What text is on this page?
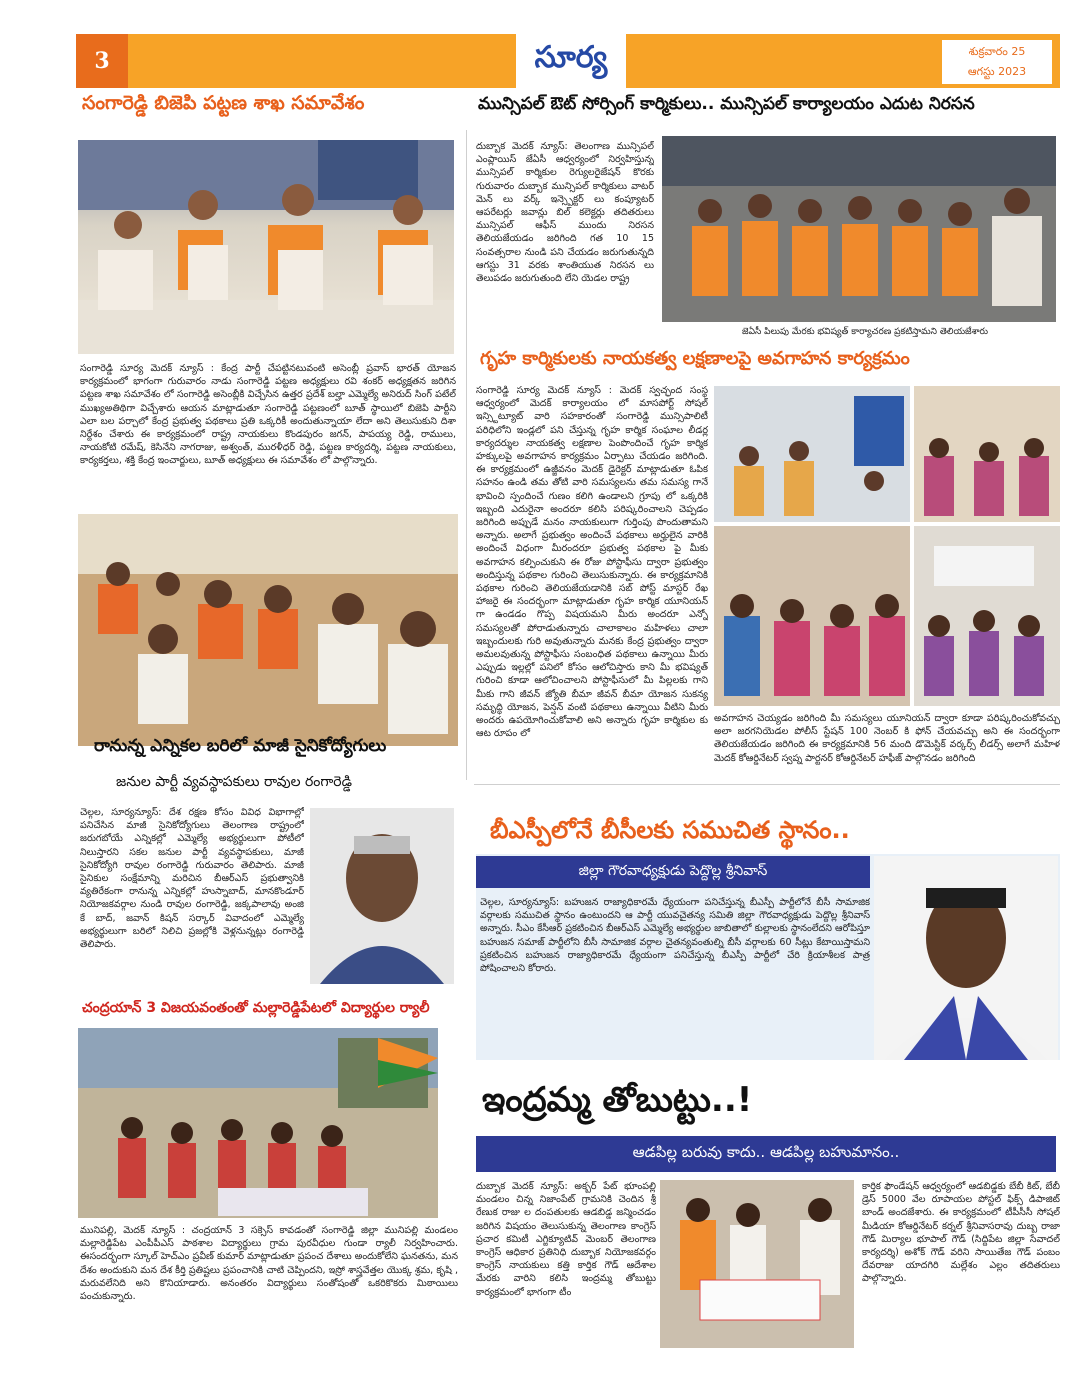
3	సూర్య	శుక్రవారం 25
ఆగస్టు 2023
సంగారెడ్డి బిజెపి పట్టణ శాఖ సమావేశం
సంగారెడ్డి సూర్య మెదక్ న్యూస్ : కేంద్ర పార్టీ చేపట్టినటువంటి అసెంబ్లీ ప్రవాస్ భారత్ యోజన కార్యక్రమంలో భాగంగా గురువారం నాడు సంగారెడ్డి పట్టణ అధ్యక్షులు రవి శంకర్ అధ్యక్షతన జరిగిన పట్టణ శాఖ సమావేశం లో సంగారెడ్డి అసెంబ్లీకి విచ్చేసిన ఉత్తర ప్రదేశ్ బల్హా ఎమ్మెల్యే అనిరుద్ సింగ్ పటేల్ ముఖ్యఅతిథిగా విచ్చేశారు ఆయన మాట్లాడుతూ సంగారెడ్డి పట్టణంలో బూత్ స్థాయిలో బిజెపి పార్టీని ఎలా బల పర్చాలో కేంద్ర ప్రభుత్వ పథకాలు ప్రతి ఒక్కరికీ అందుతున్నాయా లేదా అని తెలుసుకుని దిశా నిర్దేశం చేశారు ఈ కార్యక్రమంలో రాష్ట్ర నాయకులు కొండపురం జగన్, పాపయ్య రెడ్డి, రాములు, నాయకోటి రమేష్, కెసినేని నాగరాజు, అశ్వంత్, మురళీధర్ రెడ్డి, పట్టణ కార్యదర్శి, పట్టణ నాయకులు, కార్యకర్తలు, శక్తి కేంద్ర ఇంచార్జులు, బూత్ అధ్యక్షులు ఈ సమావేశం లో పాల్గొన్నారు.
మున్సిపల్ ఔట్ సోర్సింగ్ కార్మికులు.. మున్సిపల్ కార్యాలయం ఎదుట నిరసన
దుబ్బాక మెదక్ న్యూస్: తెలంగాణ మున్సిపల్ ఎంప్లాయిస్ జేఏసీ ఆధ్వర్యంలో నిర్వహిస్తున్న మున్సిపల్ కార్మికుల రెగ్యులరైజేషన్ కొరకు గురువారం దుబ్బాక మున్సిపల్ కార్మికులు వాటర్ మెన్ లు వర్క్ ఇన్స్పెక్టర్ లు కంప్యూటర్ ఆపరేటర్లు జవాన్లు బిల్ కలెక్టర్లు తదితరులు మున్సిపల్ ఆఫీస్ ముందు నిరసన తెలియజేయడం జరిగింది గత 10 15 సంవత్సరాల నుండి పని చేయడం జరుగుతున్నది ఆగస్టు 31 వరకు శాంతియుత నిరసన లు తెలుపడం జరుగుతుంది లేని యెడల రాష్ట్ర
జెఏసీ పిలుపు మేరకు భవిష్యత్ కార్యాచరణ ప్రకటిస్తామని తెలియజేశారు
గృహ కార్మికులకు నాయకత్వ లక్షణాలపై అవగాహన కార్యక్రమం
సంగారెడ్డి సూర్య మెదక్ న్యూస్ : మెదక్ స్వచ్ఛంద సంస్థ ఆధ్వర్యంలో మెదక్ కార్యాలయం లో మాసపోర్ట్ సోషల్ ఇన్స్టిట్యూట్ వారి సహకారంతో సంగారెడ్డి మున్సిపాలిటీ పరిధిలోని ఇండ్లలో పని చేస్తున్న గృహ కార్మిక సంఘాల లీడర్ల కార్యదర్శుల నాయకత్వ లక్షణాల పెంపొందించే గృహ కార్మిక హక్కులపై అవగాహన కార్యక్రమం ఏర్పాటు చేయడం జరిగింది. ఈ కార్యక్రమంలో ఉజ్జీవనం మెదక్ డైరెక్టర్ మాట్లాడుతూ ఓపిక సహనం ఉండి తమ తోటి వారి సమస్యలను తమ సమస్య గానే భావించి స్పందించే గుణం కలిగి ఉండాలని గ్రూపు లో ఒక్కరికి ఇబ్బంది ఎదురైనా అందరూ కలిసి పరిష్కరించాలని చెప్పడం జరిగింది అప్పుడే మనం నాయకులుగా గుర్తింపు పొందుతామని అన్నారు. అలాగే ప్రభుత్వం అందించే పథకాలు అర్హులైన వారికి అందించే విధంగా మీరందరూ ప్రభుత్వ పథకాల పై మీకు అవగాహన కల్పించుకుని ఈ రోజు పోస్టాఫీసు ద్వారా ప్రభుత్వం అందిస్తున్న పథకాల గురించి తెలుసుకున్నారు. ఈ కార్యక్రమానికి పథకాల గురించి తెలియజేయడానికి సబ్ పోస్ట్ మాస్టర్ రేఖ హాజరై ఈ సందర్భంగా మాట్లాడుతూ గృహ కార్మిక యూనియన్ గా ఉండడం గొప్ప విషయమని మీరు అందరూ ఎన్నో సమస్యలతో పోరాడుతున్నారు చాలాకాలం మహిళలు చాలా ఇబ్బందులకు గురి అవుతున్నారు మనకు కేంద్ర ప్రభుత్వం ద్వారా అమలవుతున్న పోస్టాఫీసు సంబంధిత పథకాలు ఉన్నాయి మీరు ఎప్పుడు ఇల్లల్లో పనిలో కోసం ఆలోచిస్తారు కాని మీ భవిష్యత్ గురించి కూడా ఆలోచించాలని పోస్టాఫీసులో మీ పిల్లలకు గాని మీకు గాని జీవన్ జ్యోతి బీమా జీవన్ బీమా యోజన సుకన్య సమృద్ధి యోజన, పెన్షన్ వంటి పథకాలు ఉన్నాయి వీటిని మీరు అందరు ఉపయోగించుకోవాలి అని అన్నారు గృహ కార్మికుల కు ఆట రూపం లో
అవగాహన చెయ్యడం జరిగింది మీ సమస్యలు యూనియన్ ద్వారా కూడా పరిష్కరించుకోవచ్చు అలా జరగనియెడల పోలీస్ స్టేషన్ 100 నెంబర్ కి ఫోన్ చేయవచ్చు అని ఈ సందర్భంగా తెలియజేయడం జరిగింది ఈ కార్యక్రమానికి 56 మంది డొమెస్టిక్ వర్కర్స్ లీడర్స్ అలాగే మహిళ మెదక్ కోఆర్డినేటర్ స్వప్న పార్టనర్ కోఆర్డినేటర్ హఫీజ్ పాల్గొనడం జరిగింది
రానున్న ఎన్నికల బరిలో మాజీ సైనికోద్యోగులు
జనుల పార్టీ వ్యవస్థాపకులు రావుల రంగారెడ్డి
చెల్గల, సూర్యన్యూస్: దేశ రక్షణ కోసం వివిధ విభాగాల్లో పనిచేసిన మాజీ సైనికోద్యోగులు తెలంగాణ రాష్ట్రంలో జరుగబోయే ఎన్నికల్లో ఎమ్మెల్యే అభ్యర్థులుగా పోటీలో నిలుస్తారని సకల జనుల పార్టీ వ్యవస్థాపకులు, మాజీ సైనికోద్యోగి రావుల రంగారెడ్డి గురువారం తెలిపారు. మాజీ సైనికుల సంక్షేమాన్ని మరిచిన బీఆర్ఎస్ ప్రభుత్వానికి వ్యతిరేకంగా రానున్న ఎన్నికల్లో హుస్నాబాద్, మానకొండూర్ నియోజకవర్గాల నుండి రావుల రంగారెడ్డి, జక్కపాలావు అంజి కే బాద్, జవాన్ కిషన్ సర్కార్ వివాదంలో ఎమ్మెల్యే అభ్యర్థులుగా బరిలో నిలిచి ప్రజల్లోకి వెళ్లనున్నట్లు రంగారెడ్డి తెలిపారు.
బీఎస్పీలోనే బీసీలకు సముచిత స్థానం..
జిల్లా గౌరవాధ్యక్షుడు పెద్దొల్ల శ్రీనివాస్
చెల్గల, సూర్యన్యూస్: బహుజన రాజ్యాధికారమే ధ్యేయంగా పనిచేస్తున్న బీఎస్పీ పార్టీలోనే బీసీ సామాజిక వర్గాలకు సముచిత స్థానం ఉంటుందని ఆ పార్టీ యువచైతన్య సమితి జిల్లా గౌరవాధ్యక్షుడు పెద్దొల్ల శ్రీనివాస్ అన్నారు. సీఎం కేసీఆర్ ప్రకటించిన బీఆర్ఎస్ ఎమ్మెల్యే అభ్యర్థుల జాబితాలో కుల్లాలకు స్థానంలేదని ఆరోపిస్తూ బహుజన సమాజ్ పార్టీలోని బీసీ సామాజిక వర్గాల చైతన్యవంతుల్ని బీసీ వర్గాలకు 60 సీట్లు కేటాయిస్తామని ప్రకటించిన బహుజన రాజ్యాధికారమే ధ్యేయంగా పనిచేస్తున్న బీఎస్పీ పార్టీలో చేరి క్రియాశీలక పాత్ర పోషించాలని కోరారు.
చంద్రయాన్ 3 విజయవంతంతో మల్లారెడ్డిపేటలో విద్యార్థుల ర్యాలీ
మునిపల్లి, మెదక్ న్యూస్ : చంద్రయాన్ 3 సక్సెస్ కావడంతో సంగారెడ్డి జిల్లా మునిపల్లి మండలం మల్లారెడ్డిపేట ఎంపీపీఎస్ పాఠశాల విద్యార్థులు గ్రామ పురవీధుల గుండా ర్యాలీ నిర్వహించారు. ఈసందర్భంగా స్కూల్ హెచ్ఎం ప్రవీణ్ కుమార్ మాట్లాడుతూ ప్రపంచ దేశాలు అందుకోలేని ఘనతను, మన దేశం అందుకుని మన దేశ కీర్తి ప్రతిష్టలు ప్రపంచానికి చాటి చెప్పిందని, ఇస్రో శాస్త్రవేత్తల యొక్క శ్రమ, కృషి , మరువలేనిది అని కొనియాడారు. అనంతరం విద్యార్థులు సంతోషంతో ఒకరికొకరు మిఠాయిలు పంచుకున్నారు.
ఇంద్రమ్మ తోబుట్టు..!
ఆడపిల్ల బరువు కాదు.. ఆడపిల్ల బహుమానం..
దుబ్బాక మెదక్ న్యూస్: అక్బర్ పేట్ భూంపల్లి మండలం చిన్న నిజాంపేట్ గ్రామనికి చెందిన శ్రీ రేణుక రాజు ల దంపతులకు ఆడబిడ్డ జన్మించడం జరిగిన విషయం తెలుసుకున్న తెలంగాణ కాంగ్రెస్ ప్రచార కమిటీ ఎగ్జిక్యూటివ్ మెంబర్ తెలంగాణ కాంగ్రెస్ ఆధికార ప్రతినిధి దుబ్బాక నియోజకవర్గం కాంగ్రెస్ నాయకులు కత్తి కార్తిక గౌడ్ ఆదేశాల మేరకు వారిని కలిసి ఇంద్రమ్మ తోబుట్టు కార్యక్రమంలో భాగంగా టీం
కార్తిక ఫౌండేషన్ ఆధ్వర్యంలో ఆడబిడ్డకు బేబీ కిట్, బేబీ డ్రెస్ 5000 వేల రూపాయల పోస్టల్ ఫిక్స్ డిపాజిట్ బాండ్ అందజేశారు. ఈ కార్యక్రమంలో టీపీసీసీ సోషల్ మీడియా కోఆర్డినేటర్ కర్నల్ శ్రీనివాసరావు దుబ్బ రాజా గౌడ్ మిర్యాల భూపాల్ గౌడ్ (సిద్దిపేట జిల్లా సేవాదల్ కార్యదర్శి) అశోక్ గౌడ్ వరిని సాయితేజ గౌడ్ పంబం దేవరాజు యాదగిరి మల్లేశం ఎల్లం తదితరులు పాల్గొన్నారు.
